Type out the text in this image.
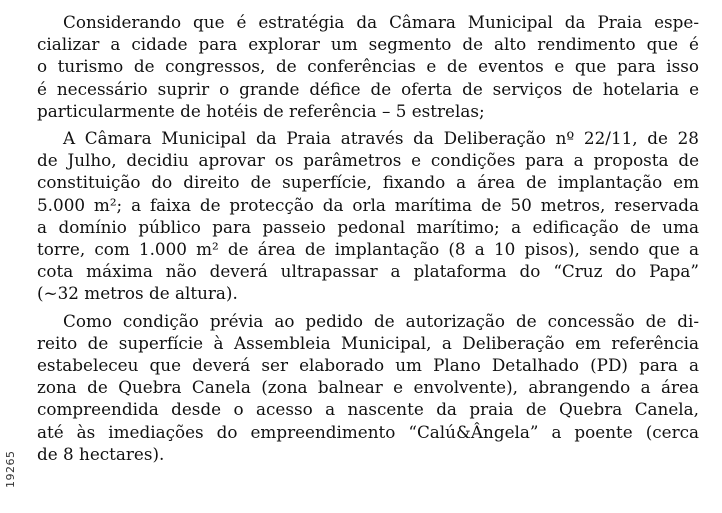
Considerando que é estratégia da Câmara Municipal da Praia espe-
cializar a cidade para explorar um segmento de alto rendimento que é
o turismo de congressos, de conferências e de eventos e que para isso
é necessário suprir o grande défice de oferta de serviços de hotelaria e
particularmente de hotéis de referência – 5 estrelas;

A Câmara Municipal da Praia através da Deliberação nº 22/11, de 28
de Julho, decidiu aprovar os parâmetros e condições para a proposta de
constituição do direito de superfície, fixando a área de implantação em
5.000 m²; a faixa de protecção da orla marítima de 50 metros, reservada
a domínio público para passeio pedonal marítimo; a edificação de uma
torre, com 1.000 m² de área de implantação (8 a 10 pisos), sendo que a
cota máxima não deverá ultrapassar a plataforma do “Cruz do Papa”
(~32 metros de altura).

Como condição prévia ao pedido de autorização de concessão de di-
reito de superfície à Assembleia Municipal, a Deliberação em referência
estabeleceu que deverá ser elaborado um Plano Detalhado (PD) para a
zona de Quebra Canela (zona balnear e envolvente), abrangendo a área
compreendida desde o acesso a nascente da praia de Quebra Canela,
até às imediações do empreendimento “Calú&Ângela” a poente (cerca
de 8 hectares).

19265
